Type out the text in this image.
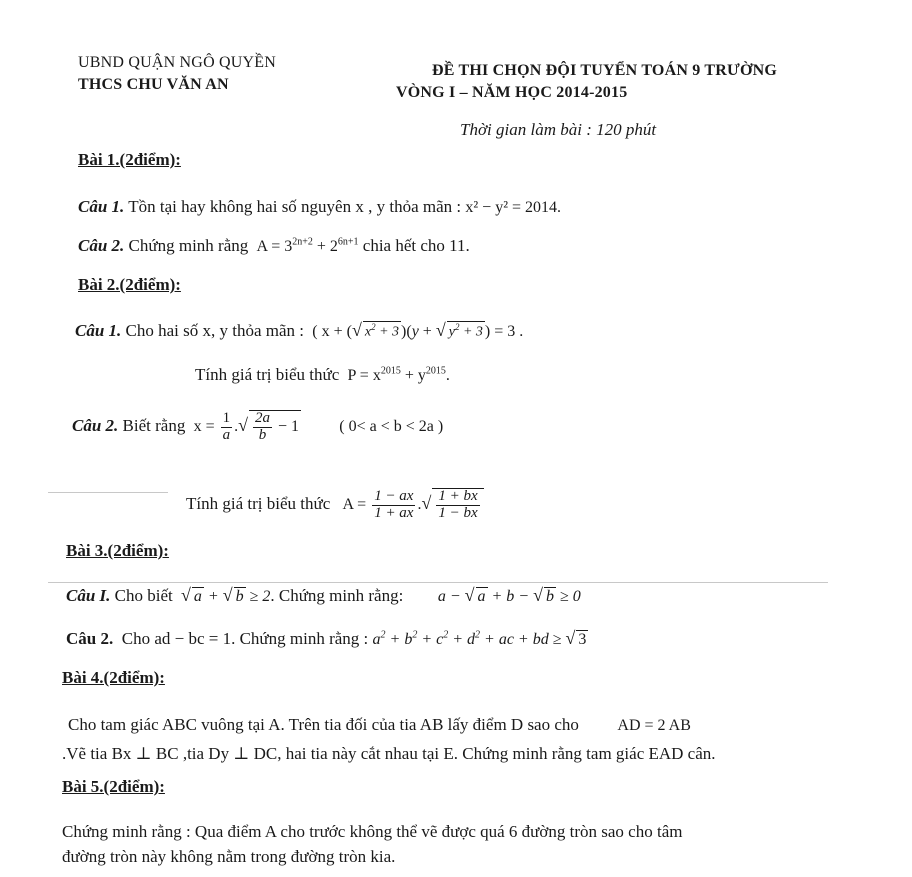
UBND QUẬN NGÔ QUYỀN
THCS CHU VĂN AN
ĐỀ THI CHỌN ĐỘI TUYỂN TOÁN 9 TRƯỜNG
VÒNG I – NĂM HỌC 2014-2015
Thời gian làm bài : 120 phút
Bài 1.(2điểm):
Câu 1. Tồn tại hay không hai số nguyên x , y thỏa mãn : x² − y² = 2014.
Câu 2. Chứng minh rằng  $A = 3^{2n+2} + 2^{6n+1}$ chia hết cho 11.
Bài 2.(2điểm):
Câu 1. Cho hai số x, y thỏa mãn :  ( x + (√ $x^2 + 3$ )(y + √ $y^2 + 3$ ) = 3 .
Tính giá trị biểu thức  $P = x^{2015} + y^{2015}$.
Câu 2. Biết rằng  $x = \frac{1}{a}$ .√ $\frac{2a}{b} - 1$	( 0< a < b < 2a )
Tính giá trị biểu thức   $A = \frac{1 - ax}{1 + ax}$ .√ $\frac{1 + bx}{1 - bx}$
Bài 3.(2điểm):
Câu I. Cho biết √ a + √ b ≥ 2. Chứng minh rằng: a − √ a + b − √ b ≥ 0
Câu 2. Cho ad − bc = 1. Chứng minh rằng : $a^2 + b^2 + c^2 + d^2$ + ac + bd ≥ √ 3
Bài 4.(2điểm):
Cho tam giác ABC vuông tại A. Trên tia đối của tia AB lấy điểm D sao cho AD = 2 AB
.Vẽ tia Bx ⊥ BC ,tia Dy ⊥ DC, hai tia này cắt nhau tại E. Chứng minh rằng tam giác EAD cân.
Bài 5.(2điểm):
Chứng minh rằng : Qua điểm A cho trước không thể vẽ được quá 6 đường tròn sao cho tâm
đường tròn này không nằm trong đường tròn kia.
